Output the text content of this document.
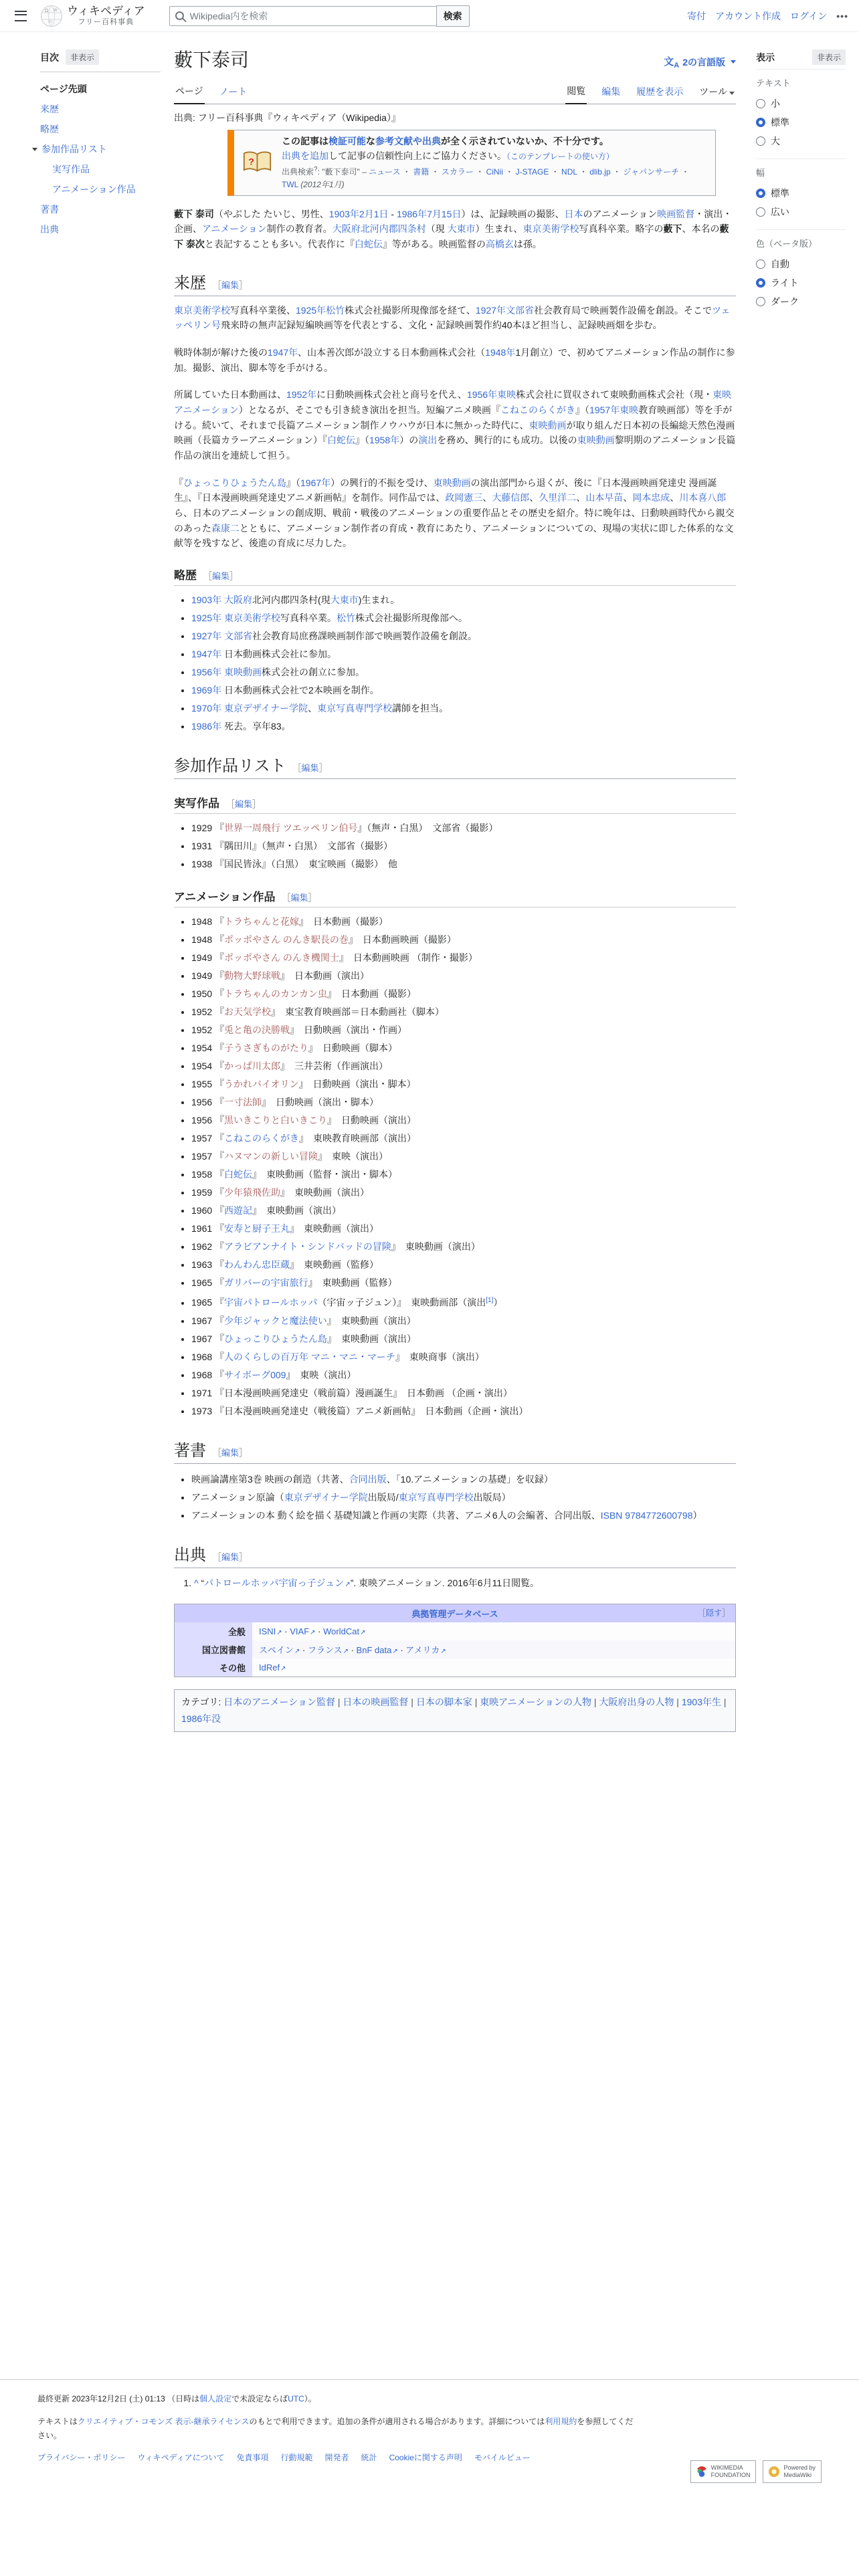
Ω W
山
ウィキペディア
フリー百科事典
Wikipedia内を検索
検索	寄付 アカウント作成 ログイン •••
目次	非表示
ページ先頭
来歴
略歴
参加作品リスト
実写作品
アニメーション作品
著書
出典
藪下泰司	文$_A$ 2の言語版
ページ ノート	閲覧 編集 履歴を表示 ツール
出典: フリー百科事典『ウィキペディア（Wikipedia）』
?
この記事は検証可能な参考文献や出典が全く示されていないか、不十分です。
出典を追加して記事の信頼性向上にご協力ください。（このテンプレートの使い方）
出典検索?: "藪下泰司" – ニュース ・ 書籍 ・ スカラー ・ CiNii ・ J-STAGE ・ NDL ・ dlib.jp ・ ジャパンサーチ ・ TWL (2012年1月)

藪下 泰司（やぶした たいじ、男性、1903年2月1日 - 1986年7月15日）は、記録映画の撮影、日本のアニメーション映画監督・演出・企画、アニメーション制作の教育者。大阪府北河内郡四条村（現 大東市）生まれ、東京美術学校写真科卒業。略字の藪下、本名の藪下 泰次と表記することも多い。代表作に『白蛇伝』等がある。映画監督の高橋玄は孫。

来歴 ［編集］

東京美術学校写真科卒業後、1925年松竹株式会社撮影所現像部を経て、1927年文部省社会教育局で映画製作設備を創設。そこでツェッペリン号飛来時の無声記録短編映画等を代表とする、文化・記録映画製作約40本ほど担当し、記録映画畑を歩む。

戦時体制が解けた後の1947年、山本善次郎が設立する日本動画株式会社（1948年1月創立）で、初めてアニメーション作品の制作に参加。撮影、演出、脚本等を手がける。

所属していた日本動画は、1952年に日動映画株式会社と商号を代え、1956年東映株式会社に買収されて東映動画株式会社（現・東映アニメーション）となるが、そこでも引き続き演出を担当。短編アニメ映画『こねこのらくがき』（1957年東映教育映画部）等を手がける。続いて、それまで長篇アニメーション制作ノウハウが日本に無かった時代に、東映動画が取り組んだ日本初の長編総天然色漫画映画（長篇カラーアニメーション）『白蛇伝』（1958年）の演出を務め、興行的にも成功。以後の東映動画黎明期のアニメーション長篇作品の演出を連続して担う。

『ひょっこりひょうたん島』（1967年）の興行的不振を受け、東映動画の演出部門から退くが、後に『日本漫画映画発達史 漫画誕生』、『日本漫画映画発達史アニメ新画帖』を制作。同作品では、政岡憲三、大藤信郎、久里洋二、山本早苗、岡本忠成、川本喜八郎ら、日本のアニメーションの創成期、戦前・戦後のアニメーションの重要作品とその歴史を紹介。特に晩年は、日動映画時代から親交のあった森康二とともに、アニメーション制作者の育成・教育にあたり、アニメーションについての、現場の実状に即した体系的な文献等を残すなど、後進の育成に尽力した。

略歴 ［編集］
• 1903年 大阪府北河内郡四条村(現大東市)生まれ。
• 1925年 東京美術学校写真科卒業。松竹株式会社撮影所現像部へ。
• 1927年 文部省社会教育局庶務課映画制作部で映画製作設備を創設。
• 1947年 日本動画株式会社に参加。
• 1956年 東映動画株式会社の創立に参加。
• 1969年 日本動画株式会社で2本映画を制作。
• 1970年 東京デザイナー学院、東京写真専門学校講師を担当。
• 1986年 死去。享年83。
参加作品リスト ［編集］
実写作品 ［編集］
• 1929 『世界一周飛行 ツエッペリン伯号』（無声・白黒）　文部省（撮影）
• 1931 『隅田川』（無声・白黒）　文部省（撮影）
• 1938 『国民皆泳』（白黒）　東宝映画（撮影）　他
アニメーション作品 ［編集］
• 1948 『トラちゃんと花嫁』　日本動画（撮影）
• 1948 『ポッポやさん のんき駅長の巻』　日本動画映画（撮影）
• 1949 『ポッポやさん のんき機関士』　日本動画映画 （制作・撮影）
• 1949 『動物大野球戦』　日本動画（演出）
• 1950 『トラちゃんのカンカン虫』　日本動画（撮影）
• 1952 『お天気学校』　東宝教育映画部＝日本動画社（脚本）
• 1952 『兎と亀の決勝戦』　日動映画（演出・作画）
• 1954 『子うさぎものがたり』　日動映画（脚本）
• 1954 『かっぱ川太郎』　三井芸術（作画演出）
• 1955 『うかれバイオリン』　日動映画（演出・脚本）
• 1956 『一寸法師』　日動映画（演出・脚本）
• 1956 『黒いきこりと白いきこり』　日動映画（演出）
• 1957 『こねこのらくがき』　東映教育映画部（演出）
• 1957 『ハヌマンの新しい冒険』　東映（演出）
• 1958 『白蛇伝』　東映動画（監督・演出・脚本）
• 1959 『少年猿飛佐助』　東映動画（演出）
• 1960 『西遊記』　東映動画（演出）
• 1961 『安寿と厨子王丸』　東映動画（演出）
• 1962 『アラビアンナイト・シンドバッドの冒険』　東映動画（演出）
• 1963 『わんわん忠臣蔵』　東映動画（監修）
• 1965 『ガリバーの宇宙旅行』　東映動画（監修）
• 1965 『宇宙パトロールホッパ（宇宙ッ子ジュン）』　東映動画部（演出[1]）
• 1967 『少年ジャックと魔法使い』　東映動画（演出）
• 1967 『ひょっこりひょうたん島』　東映動画（演出）
• 1968 『人のくらしの百万年 マニ・マニ・マーチ』　東映商事（演出）
• 1968 『サイボーグ009』　東映（演出）
• 1971 『日本漫画映画発達史（戦前篇）漫画誕生』　日本動画 （企画・演出）
• 1973 『日本漫画映画発達史（戦後篇）アニメ新画帖』　日本動画（企画・演出）
著書 ［編集］
• 映画論講座第3巻 映画の創造（共著、合同出版、「10.アニメーションの基礎」を収録）
• アニメーション原論（東京デザイナー学院出版局/東京写真専門学校出版局）
• アニメーションの本 動く絵を描く基礎知識と作画の実際（共著、アニメ6人の会編著、合同出版、ISBN 9784772600798）
出典 ［編集］
1. ^ “パトロールホッパ宇宙っ子ジュン ↗ ”. 東映アニメーション. 2016年6月11日閲覧。
典拠管理データベース ［隠す］	

全般	ISNI ↗ · VIAF ↗ · WorldCat ↗
国立図書館	スペイン ↗ · フランス ↗ · BnF data ↗ · アメリカ ↗
その他	IdRef ↗
カテゴリ: 日本のアニメーション監督 | 日本の映画監督 | 日本の脚本家 | 東映アニメーションの人物 | 大阪府出身の人物 | 1903年生| 1986年没
表示	非表示
テキスト
小
標準
大
幅
標準
広い
色（ベータ版）
自動
ライト
ダーク

最終更新 2023年12月2日 (土) 01:13 （日時は個人設定で未設定ならばUTC）。

テキストはクリエイティブ・コモンズ 表示-継承ライセンスのもとで利用できます。追加の条件が適用される場合があります。詳細については利用規約を参照してください。

プライバシー・ポリシー ウィキペディアについて 免責事項 行動規範 開発者 統計 Cookieに関する声明 モバイルビュー
WIKIMEDIA
FOUNDATION
Powered by
MediaWiki
